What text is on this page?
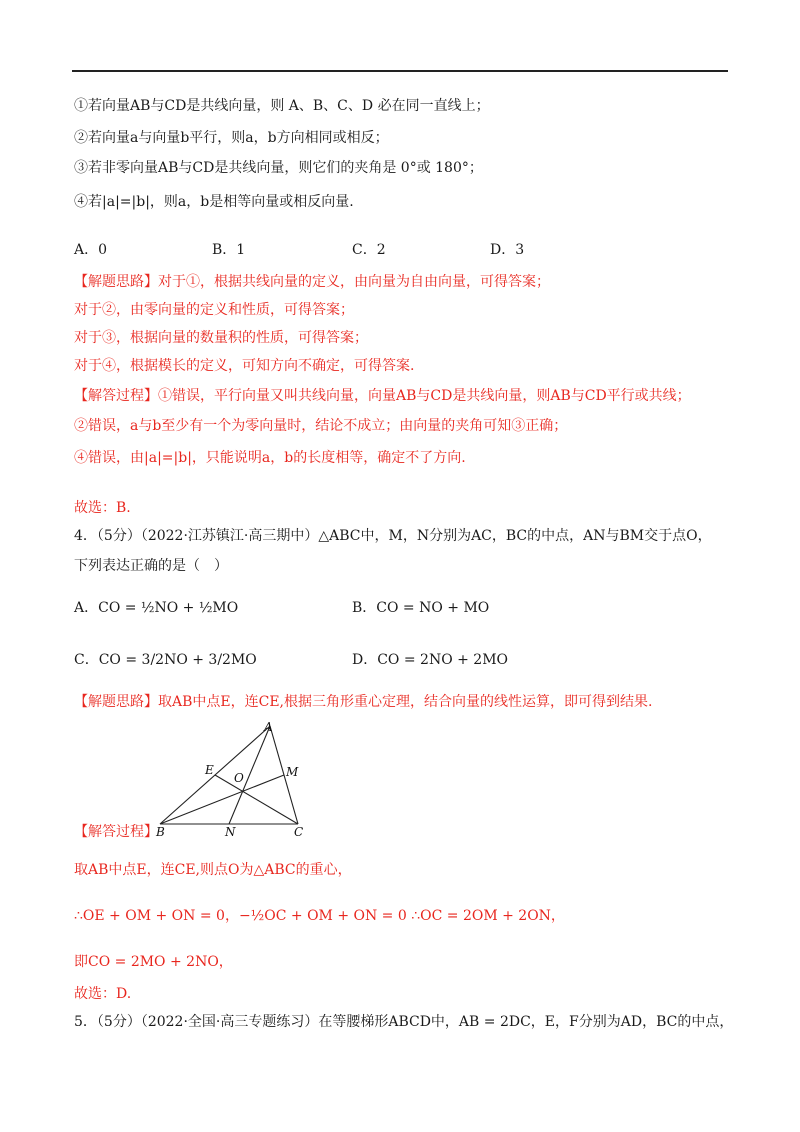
①若向量AB与CD是共线向量，则 A、B、C、D 必在同一直线上；
②若向量a与向量b平行，则a，b方向相同或相反；
③若非零向量AB与CD是共线向量，则它们的夹角是 0°或 180°；
④若|a|=|b|，则a，b是相等向量或相反向量.
A．0	B．1	C．2	D．3
【解题思路】对于①，根据共线向量的定义，由向量为自由向量，可得答案；
对于②，由零向量的定义和性质，可得答案；
对于③，根据向量的数量积的性质，可得答案；
对于④，根据模长的定义，可知方向不确定，可得答案.
【解答过程】①错误，平行向量又叫共线向量，向量AB与CD是共线向量，则AB与CD平行或共线；
②错误，a与b至少有一个为零向量时，结论不成立；由向量的夹角可知③正确；
④错误，由|a|=|b|，只能说明a，b的长度相等，确定不了方向.
故选：B.
4．（5分）（2022·江苏镇江·高三期中）△ABC中，M，N分别为AC，BC的中点，AN与BM交于点O，
下列表达正确的是（　）
A．CO = ½NO + ½MO	B．CO = NO + MO
C．CO = 3/2NO + 3/2MO	D．CO = 2NO + 2MO
【解题思路】取AB中点E，连CE,根据三角形重心定理，结合向量的线性运算，即可得到结果.
A
B	C
E	M
N
O
【解答过程】
取AB中点E，连CE,则点O为△ABC的重心，
∴OE + OM + ON = 0，−½OC + OM + ON = 0 ∴OC = 2OM + 2ON，
即CO = 2MO + 2NO，
故选：D.
5．（5分）（2022·全国·高三专题练习）在等腰梯形ABCD中，AB = 2DC，E，F分别为AD，BC的中点，
